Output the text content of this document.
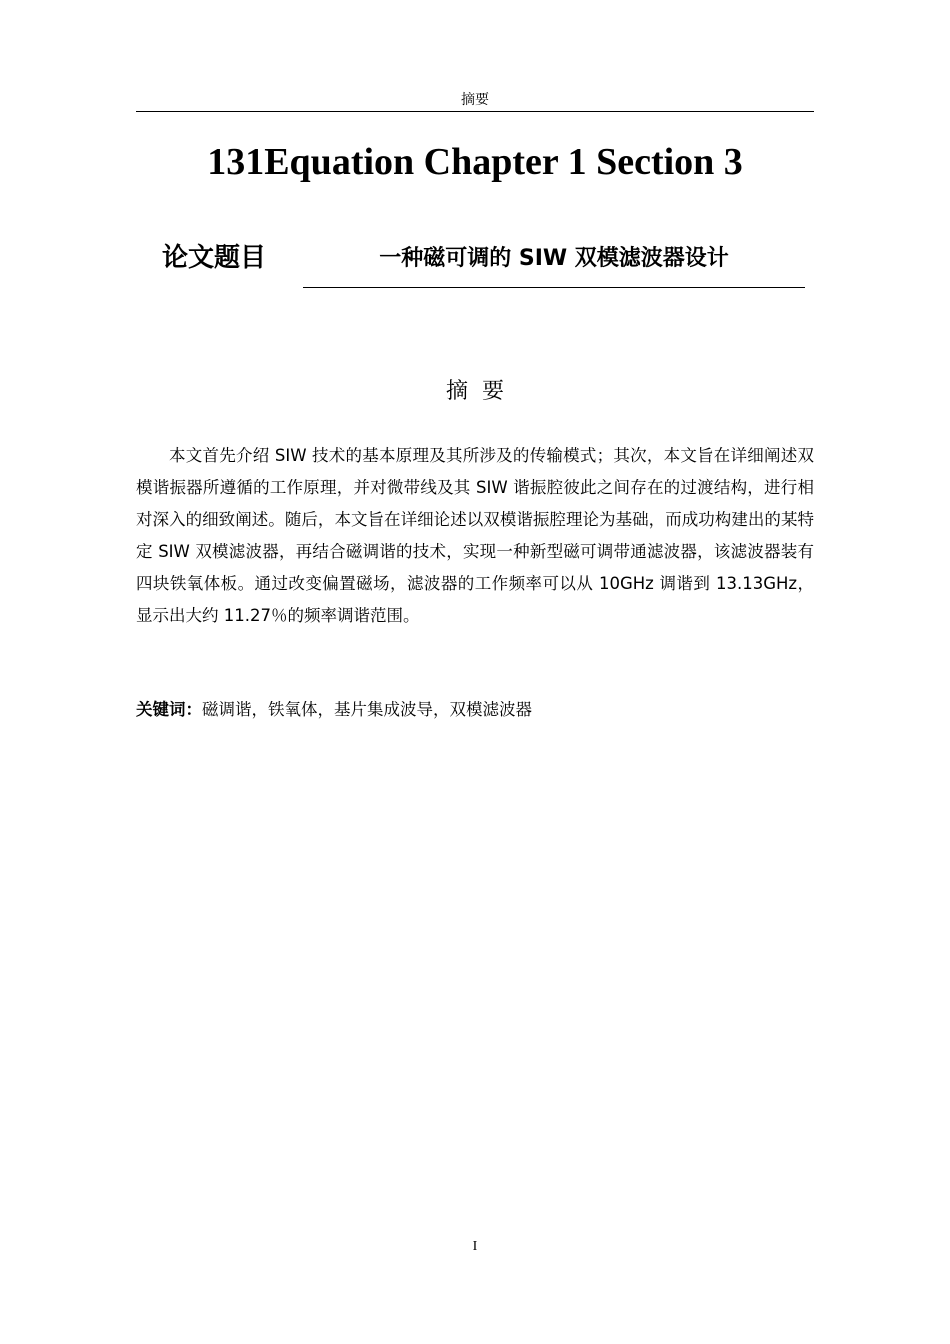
摘要
131Equation Chapter 1 Section 3
论文题目	一种磁可调的 SIW 双模滤波器设计
摘  要

本文首先介绍 SIW 技术的基本原理及其所涉及的传输模式；其次，本文旨在详细阐述双模谐振器所遵循的工作原理，并对微带线及其 SIW 谐振腔彼此之间存在的过渡结构，进行相对深入的细致阐述。随后，本文旨在详细论述以双模谐振腔理论为基础，而成功构建出的某特定 SIW 双模滤波器，再结合磁调谐的技术，实现一种新型磁可调带通滤波器，该滤波器装有四块铁氧体板。通过改变偏置磁场，滤波器的工作频率可以从 10GHz 调谐到 13.13GHz，显示出大约 11.27％的频率调谐范围。

关键词：磁调谐，铁氧体，基片集成波导，双模滤波器
I
